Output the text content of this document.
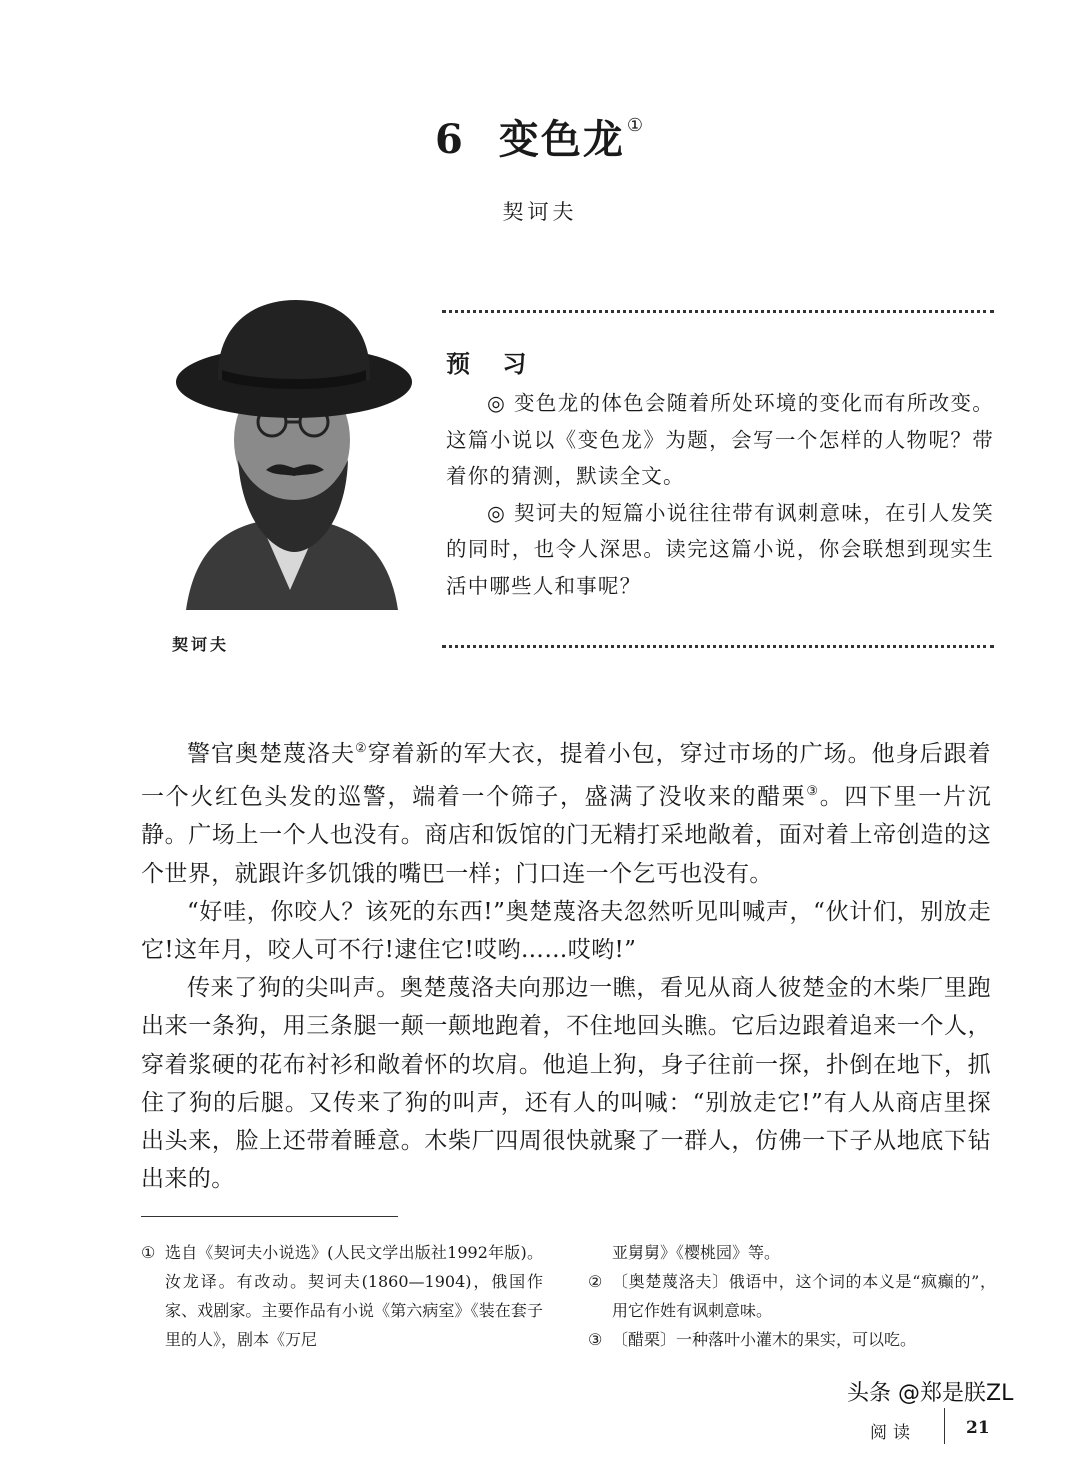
6 变色龙 ①
契诃夫
契诃夫
预 习

◎ 变色龙的体色会随着所处环境的变化而有所改变。这篇小说以《变色龙》为题，会写一个怎样的人物呢？带着你的猜测，默读全文。

◎ 契诃夫的短篇小说往往带有讽刺意味，在引人发笑的同时，也令人深思。读完这篇小说，你会联想到现实生活中哪些人和事呢？

警官奥楚蔑洛夫②穿着新的军大衣，提着小包，穿过市场的广场。他身后跟着一个火红色头发的巡警，端着一个筛子，盛满了没收来的醋栗③。四下里一片沉静。广场上一个人也没有。商店和饭馆的门无精打采地敞着，面对着上帝创造的这个世界，就跟许多饥饿的嘴巴一样；门口连一个乞丐也没有。

“好哇，你咬人？该死的东西!”奥楚蔑洛夫忽然听见叫喊声，“伙计们，别放走它!这年月，咬人可不行!逮住它!哎哟……哎哟!”

传来了狗的尖叫声。奥楚蔑洛夫向那边一瞧，看见从商人彼楚金的木柴厂里跑出来一条狗，用三条腿一颠一颠地跑着，不住地回头瞧。它后边跟着追来一个人，穿着浆硬的花布衬衫和敞着怀的坎肩。他追上狗，身子往前一探，扑倒在地下，抓住了狗的后腿。又传来了狗的叫声，还有人的叫喊：“别放走它!”有人从商店里探出头来，脸上还带着睡意。木柴厂四周很快就聚了一群人，仿佛一下子从地底下钻出来的。

① 选自《契诃夫小说选》(人民文学出版社1992年版)。汝龙译。有改动。契诃夫(1860—1904)，俄国作家、戏剧家。主要作品有小说《第六病室》《装在套子里的人》，剧本《万尼
亚舅舅》《樱桃园》等。
② 〔奥楚蔑洛夫〕俄语中，这个词的本义是“疯癫的”，用它作姓有讽刺意味。
③ 〔醋栗〕一种落叶小灌木的果实，可以吃。
头条 @郑是朕ZL
阅读	21
